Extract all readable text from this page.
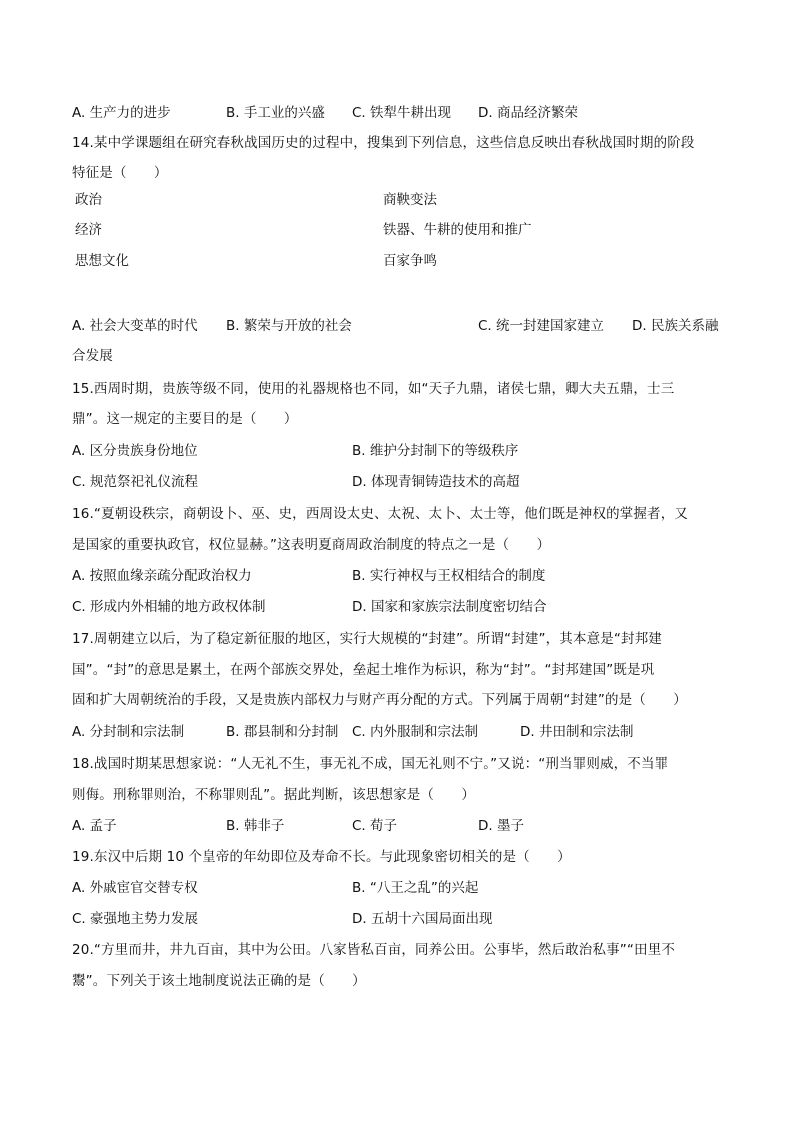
A. 生产力的进步	B. 手工业的兴盛 C. 铁犁牛耕出现 D. 商品经济繁荣
14.某中学课题组在研究春秋战国历史的过程中，搜集到下列信息，这些信息反映出春秋战国时期的阶段
特征是（　　）
政治	商鞅变法
经济	铁器、牛耕的使用和推广
思想文化	百家争鸣
A. 社会大变革的时代 B. 繁荣与开放的社会	C. 统一封建国家建立 D. 民族关系融
合发展
15.西周时期，贵族等级不同，使用的礼器规格也不同，如“天子九鼎，诸侯七鼎，卿大夫五鼎，士三
鼎”。这一规定的主要目的是（　　）
A. 区分贵族身份地位	B. 维护分封制下的等级秩序
C. 规范祭祀礼仪流程	D. 体现青铜铸造技术的高超
16.“夏朝设秩宗，商朝设卜、巫、史，西周设太史、太祝、太卜、太士等，他们既是神权的掌握者，又
是国家的重要执政官，权位显赫。”这表明夏商周政治制度的特点之一是（　　）
A. 按照血缘亲疏分配政治权力	B. 实行神权与王权相结合的制度
C. 形成内外相辅的地方政权体制	D. 国家和家族宗法制度密切结合
17.周朝建立以后，为了稳定新征服的地区，实行大规模的“封建”。所谓“封建”，其本意是“封邦建
国”。“封”的意思是累土，在两个部族交界处，垒起土堆作为标识，称为“封”。“封邦建国”既是巩
固和扩大周朝统治的手段，又是贵族内部权力与财产再分配的方式。下列属于周朝“封建”的是（　　）
A. 分封制和宗法制	B. 郡县制和分封制 C. 内外服制和宗法制	D. 井田制和宗法制
18.战国时期某思想家说：“人无礼不生，事无礼不成，国无礼则不宁。”又说：“刑当罪则威，不当罪
则侮。刑称罪则治，不称罪则乱”。据此判断，该思想家是（　　）
A. 孟子	B. 韩非子	C. 荀子	D. 墨子
19.东汉中后期 10 个皇帝的年幼即位及寿命不长。与此现象密切相关的是（　　）
A. 外戚宦官交替专权	B. “八王之乱”的兴起
C. 豪强地主势力发展	D. 五胡十六国局面出现
20.“方里而井，井九百亩，其中为公田。八家皆私百亩，同养公田。公事毕，然后敢治私事”“田里不
鬻”。下列关于该土地制度说法正确的是（　　）
